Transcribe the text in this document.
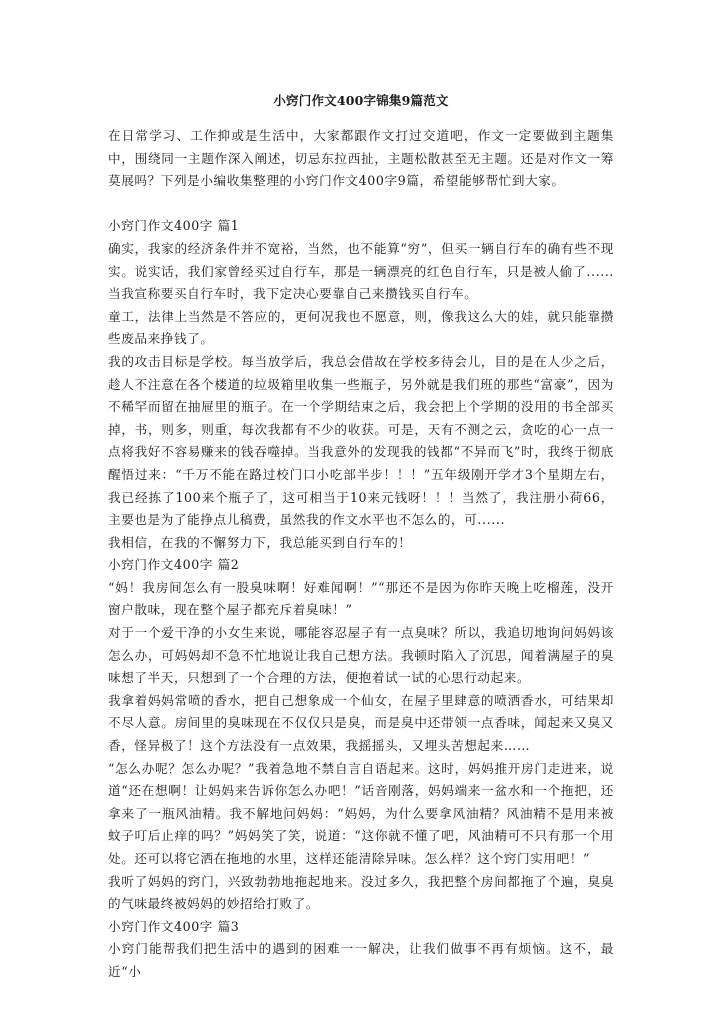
小窍门作文400字锦集9篇范文

在日常学习、工作抑或是生活中，大家都跟作文打过交道吧，作文一定要做到主题集中，围绕同一主题作深入阐述，切忌东拉西扯，主题松散甚至无主题。还是对作文一筹莫展吗？下列是小编收集整理的小窍门作文400字9篇，希望能够帮忙到大家。

小窍门作文400字 篇1

确实，我家的经济条件并不宽裕，当然，也不能算“穷”，但买一辆自行车的确有些不现实。说实话，我们家曾经买过自行车，那是一辆漂亮的红色自行车，只是被人偷了......当我宣称要买自行车时，我下定决心要靠自己来攒钱买自行车。

童工，法律上当然是不答应的，更何况我也不愿意，则，像我这么大的娃，就只能靠攒些废品来挣钱了。

我的攻击目标是学校。每当放学后，我总会借故在学校多待会儿，目的是在人少之后，趁人不注意在各个楼道的垃圾箱里收集一些瓶子，另外就是我们班的那些“富豪”，因为不稀罕而留在抽屉里的瓶子。在一个学期结束之后，我会把上个学期的没用的书全部买掉，书，则多，则重，每次我都有不少的收获。可是，天有不测之云，贪吃的心一点一点将我好不容易赚来的钱吞噬掉。当我意外的发现我的钱都“不异而飞”时，我终于彻底醒悟过来：“千万不能在路过校门口小吃部半步！！！”五年级刚开学才3个星期左右，我已经拣了100来个瓶子了，这可相当于10来元钱呀！！！当然了，我注册小荷66，主要也是为了能挣点儿稿费，虽然我的作文水平也不怎么的，可......

我相信，在我的不懈努力下，我总能买到自行车的！

小窍门作文400字 篇2

“妈！我房间怎么有一股臭味啊！好难闻啊！”“那还不是因为你昨天晚上吃榴莲，没开窗户散味，现在整个屋子都充斥着臭味！”

对于一个爱干净的小女生来说，哪能容忍屋子有一点臭味？所以，我追切地询问妈妈该怎么办，可妈妈却不急不忙地说让我自己想方法。我顿时陷入了沉思，闻着满屋子的臭味想了半天，只想到了一个合理的方法，便抱着试一试的心思行动起来。

我拿着妈妈常喷的香水，把自己想象成一个仙女，在屋子里肆意的喷洒香水，可结果却不尽人意。房间里的臭味现在不仅仅只是臭，而是臭中还带领一点香味，闻起来又臭又香，怪异极了！这个方法没有一点效果，我摇摇头，又埋头苦想起来……

“怎么办呢？怎么办呢？”我着急地不禁自言自语起来。这时，妈妈推开房门走进来，说道“还在想啊！让妈妈来告诉你怎么办吧！”话音刚落，妈妈端来一盆水和一个拖把，还拿来了一瓶风油精。我不解地问妈妈：“妈妈，为什么要拿风油精？风油精不是用来被蚊子叮后止痒的吗？”妈妈笑了笑，说道：“这你就不懂了吧，风油精可不只有那一个用处。还可以将它洒在拖地的水里，这样还能清除异味。怎么样？这个窍门实用吧！”

我听了妈妈的窍门，兴致勃勃地拖起地来。没过多久，我把整个房间都拖了个遍，臭臭的气味最终被妈妈的妙招给打败了。

小窍门作文400字 篇3

小窍门能帮我们把生活中的遇到的困难一一解决，让我们做事不再有烦恼。这不，最近“小
